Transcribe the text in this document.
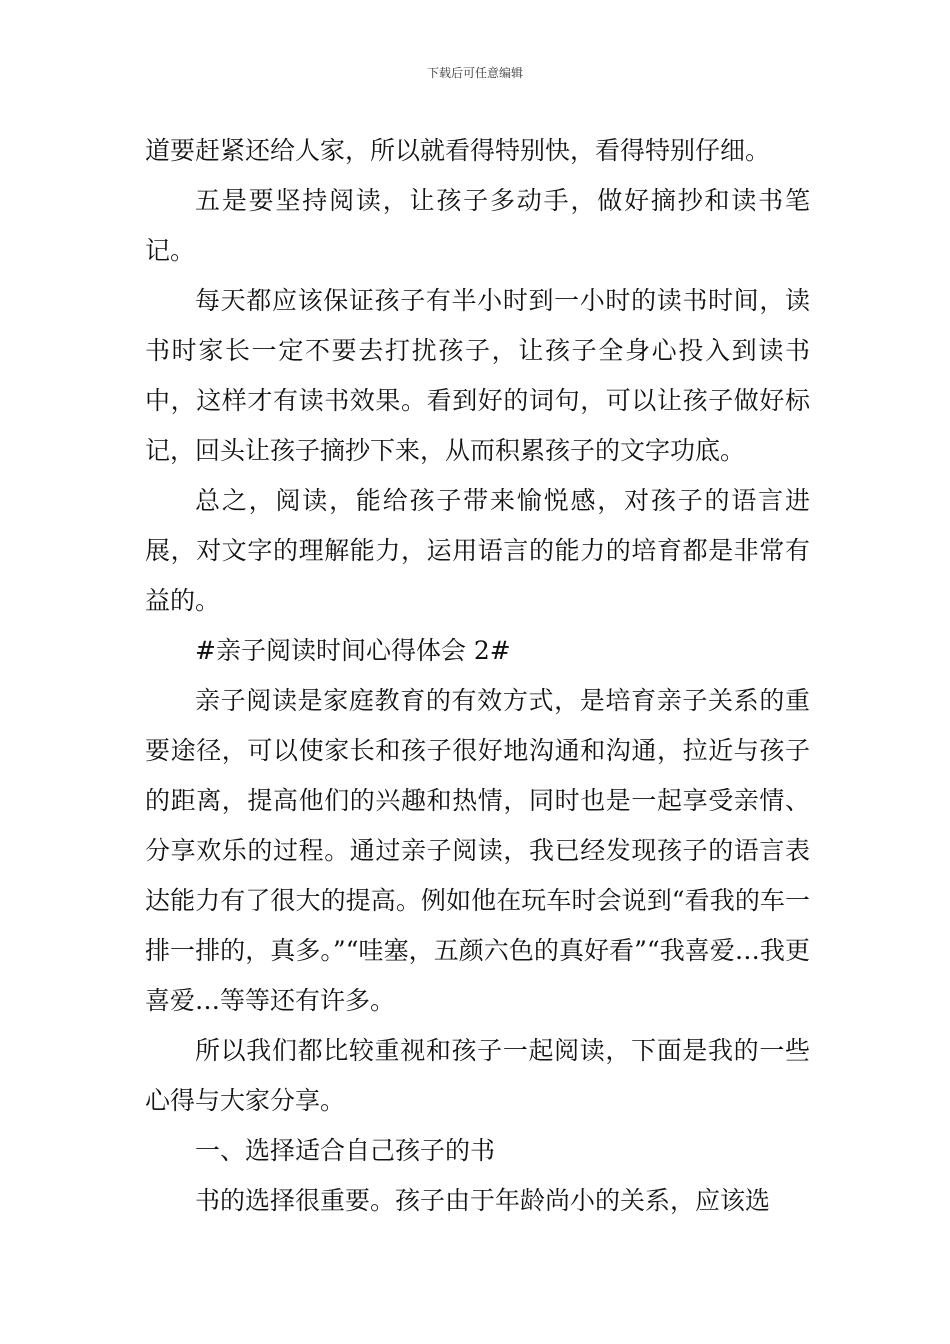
下载后可任意编辑

道要赶紧还给人家，所以就看得特别快，看得特别仔细。

五是要坚持阅读，让孩子多动手，做好摘抄和读书笔记。

每天都应该保证孩子有半小时到一小时的读书时间，读书时家长一定不要去打扰孩子，让孩子全身心投入到读书中，这样才有读书效果。看到好的词句，可以让孩子做好标记，回头让孩子摘抄下来，从而积累孩子的文字功底。

总之，阅读，能给孩子带来愉悦感，对孩子的语言进展，对文字的理解能力，运用语言的能力的培育都是非常有益的。

#亲子阅读时间心得体会 2#

亲子阅读是家庭教育的有效方式，是培育亲子关系的重要途径，可以使家长和孩子很好地沟通和沟通，拉近与孩子的距离，提高他们的兴趣和热情，同时也是一起享受亲情、分享欢乐的过程。通过亲子阅读，我已经发现孩子的语言表达能力有了很大的提高。例如他在玩车时会说到“看我的车一排一排的，真多。”“哇塞，五颜六色的真好看”“我喜爱…我更喜爱…等等还有许多。

所以我们都比较重视和孩子一起阅读，下面是我的一些心得与大家分享。

一、选择适合自己孩子的书

书的选择很重要。孩子由于年龄尚小的关系，应该选
